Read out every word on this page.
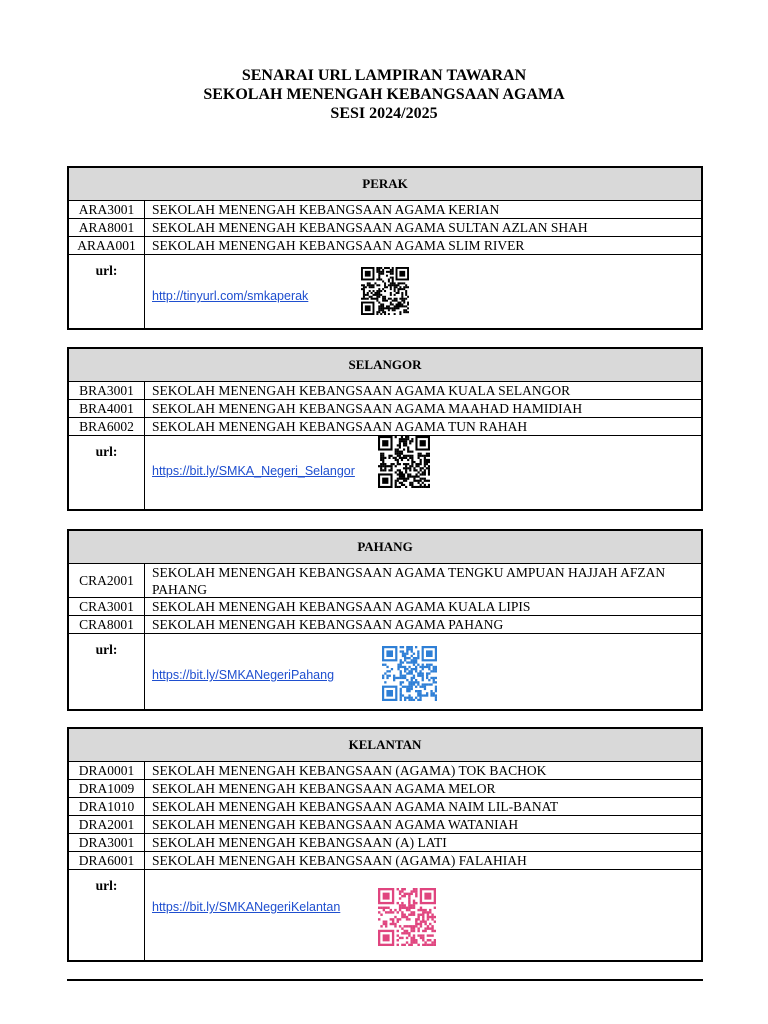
SENARAI URL LAMPIRAN TAWARAN
SEKOLAH MENENGAH KEBANGSAAN AGAMA
SESI 2024/2025
PERAK
ARA3001	SEKOLAH MENENGAH KEBANGSAAN AGAMA KERIAN
ARA8001	SEKOLAH MENENGAH KEBANGSAAN AGAMA SULTAN AZLAN SHAH
ARAA001	SEKOLAH MENENGAH KEBANGSAAN AGAMA SLIM RIVER
url:
http://tinyurl.com/smkaperak
SELANGOR
BRA3001	SEKOLAH MENENGAH KEBANGSAAN AGAMA KUALA SELANGOR
BRA4001	SEKOLAH MENENGAH KEBANGSAAN AGAMA MAAHAD HAMIDIAH
BRA6002	SEKOLAH MENENGAH KEBANGSAAN AGAMA TUN RAHAH
url:
https://bit.ly/SMKA_Negeri_Selangor
PAHANG
CRA2001	SEKOLAH MENENGAH KEBANGSAAN AGAMA TENGKU AMPUAN HAJJAH AFZAN PAHANG
CRA3001	SEKOLAH MENENGAH KEBANGSAAN AGAMA KUALA LIPIS
CRA8001	SEKOLAH MENENGAH KEBANGSAAN AGAMA PAHANG
url:
https://bit.ly/SMKANegeriPahang
KELANTAN
DRA0001	SEKOLAH MENENGAH KEBANGSAAN (AGAMA) TOK BACHOK
DRA1009	SEKOLAH MENENGAH KEBANGSAAN AGAMA MELOR
DRA1010	SEKOLAH MENENGAH KEBANGSAAN AGAMA NAIM LIL-BANAT
DRA2001	SEKOLAH MENENGAH KEBANGSAAN AGAMA WATANIAH
DRA3001	SEKOLAH MENENGAH KEBANGSAAN (A) LATI
DRA6001	SEKOLAH MENENGAH KEBANGSAAN (AGAMA) FALAHIAH
url:
https://bit.ly/SMKANegeriKelantan
